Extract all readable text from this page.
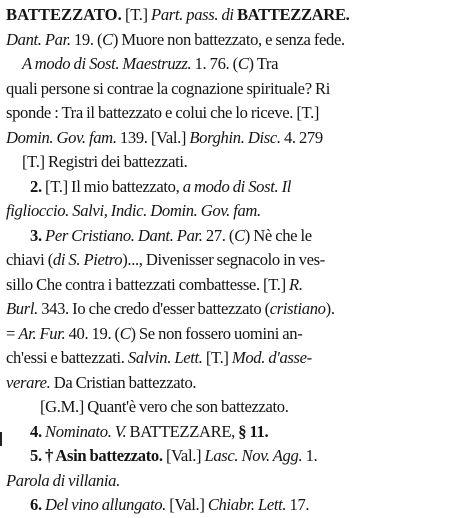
BATTEZZATO. [T.] Part. pass. di BATTEZZARE.
Dant. Par. 19. (C) Muore non battezzato, e senza fede.
A modo di Sost. Maestruzz. 1. 76. (C) Tra
quali persone si contrae la cognazione spirituale? Ri
sponde : Tra il battezzato e colui che lo riceve. [T.]
Domin. Gov. fam. 139. [Val.] Borghin. Disc. 4. 279
[T.] Registri dei battezzati.
2. [T.] Il mio battezzato, a modo di Sost. Il
figlioccio. Salvi, Indic. Domin. Gov. fam.
3. Per Cristiano. Dant. Par. 27. (C) Nè che le
chiavi (di S. Pietro)..., Divenisser segnacolo in ves-
sillo Che contra i battezzati combattesse. [T.] R.
Burl. 343. Io che credo d'esser battezzato (cristiano).
= Ar. Fur. 40. 19. (C) Se non fossero uomini an-
ch'essi e battezzati. Salvin. Lett. [T.] Mod. d'asse-
verare. Da Cristian battezzato.
[G.M.] Quant'è vero che son battezzato.
4. Nominato. V. BATTEZZARE, § 11.
5. † Asin battezzato. [Val.] Lasc. Nov. Agg. 1.
Parola di villania.
6. Del vino allungato. [Val.] Chiabr. Lett. 17.
